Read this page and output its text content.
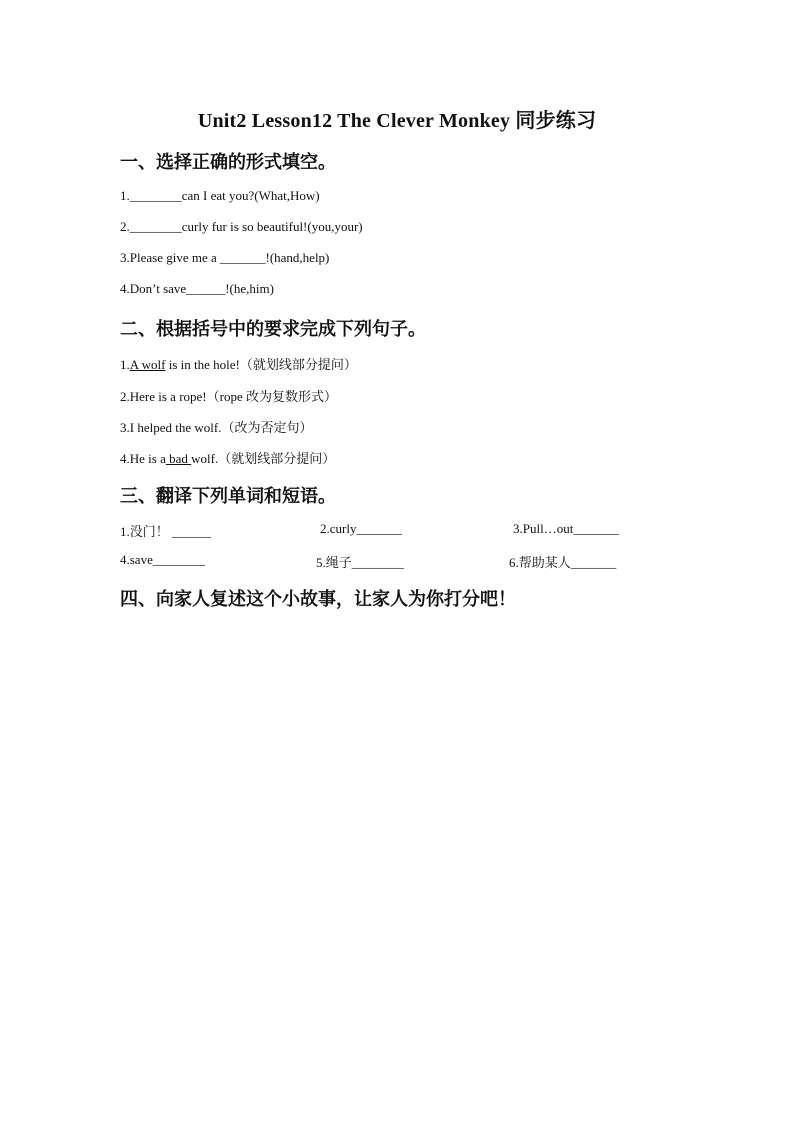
Unit2 Lesson12 The Clever Monkey 同步练习
一、选择正确的形式填空。
1.________can I eat you?(What,How)
2.________curly fur is so beautiful!(you,your)
3.Please give me a _______!(hand,help)
4.Don’t save______!(he,him)
二、根据括号中的要求完成下列句子。
1.A wolf is in the hole!（就划线部分提问）
2.Here is a rope!（rope 改为复数形式）
3.I helped the wolf.（改为否定句）
4.He is a bad wolf.（就划线部分提问）
三、翻译下列单词和短语。
1.没门！ ______	2.curly_______	3.Pull…out_______
4.save________	5.绳子________	6.帮助某人_______
四、向家人复述这个小故事，让家人为你打分吧！
